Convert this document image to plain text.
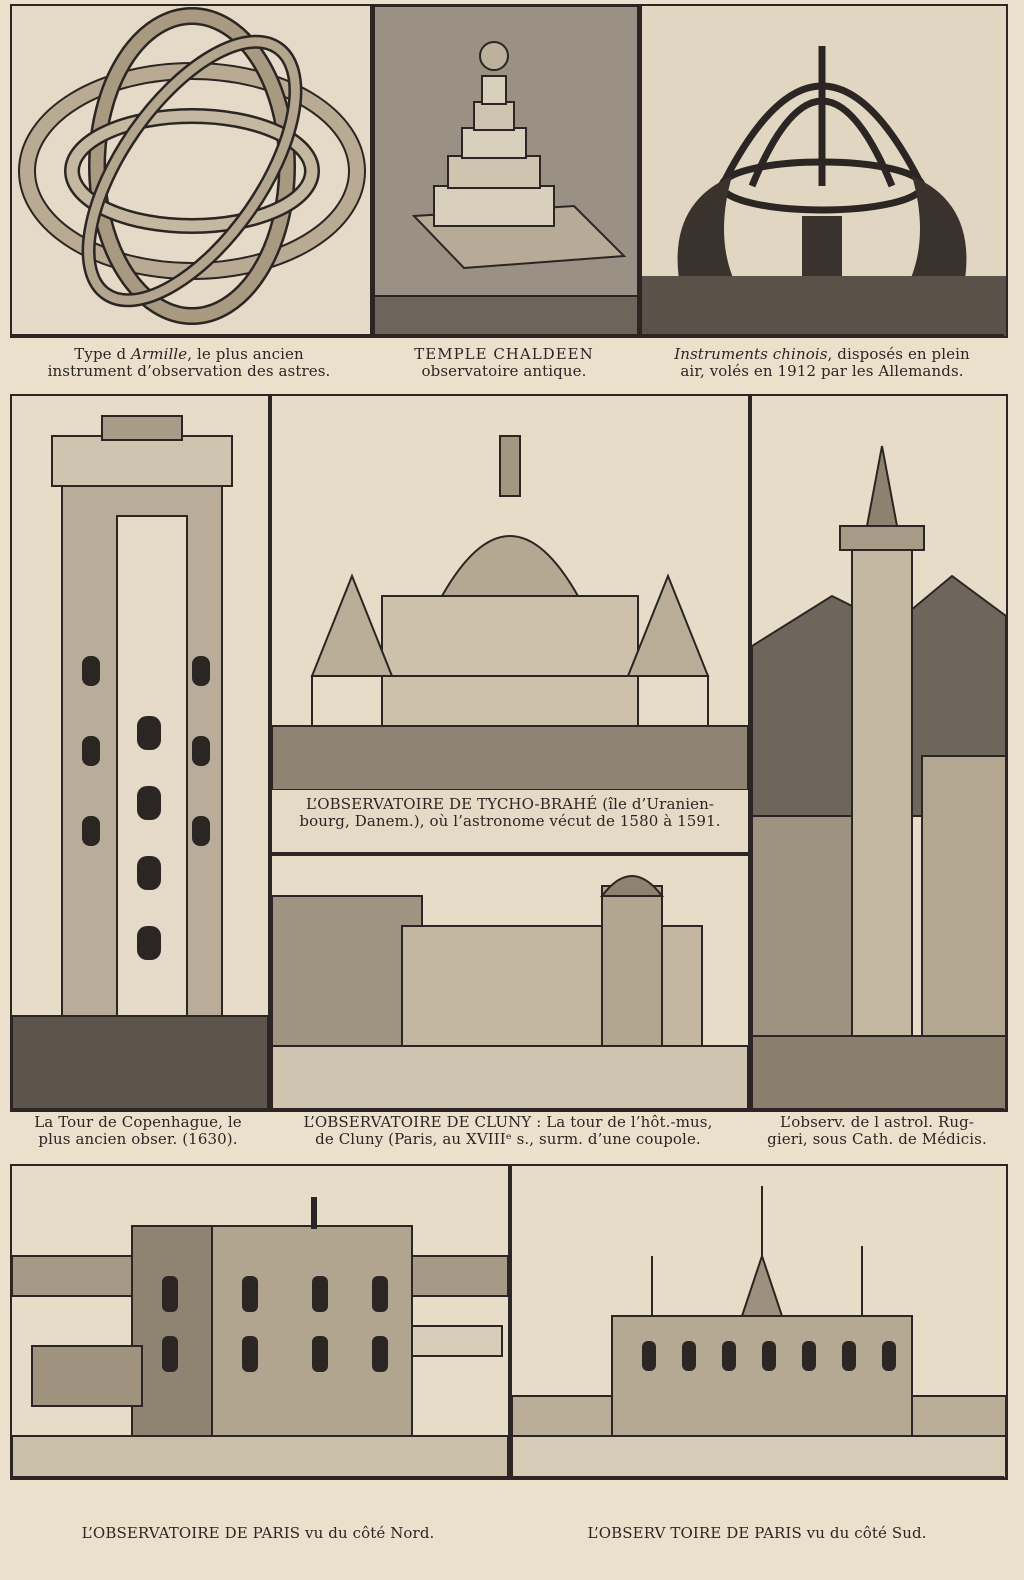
Type d Armille, le plus ancien
instrument d’observation des astres.
TEMPLE CHALDEEN
observatoire antique.
Instruments chinois, disposés en plein
air, volés en 1912 par les Allemands.
L’OBSERVATOIRE DE TYCHO-BRAHÉ (île d’Uranien-
bourg, Danem.), où l’astronome vécut de 1580 à 1591.
La Tour de Copenhague, le
plus ancien obser. (1630).
L’OBSERVATOIRE DE CLUNY : La tour de l’hôt.-mus,
de Cluny (Paris, au XVIIIᵉ s., surm. d’une coupole.
L’observ. de l astrol. Rug-
gieri, sous Cath. de Médicis.
L’OBSERVATOIRE DE PARIS vu du côté Nord.	L’OBSERV TOIRE DE PARIS vu du côté Sud.
